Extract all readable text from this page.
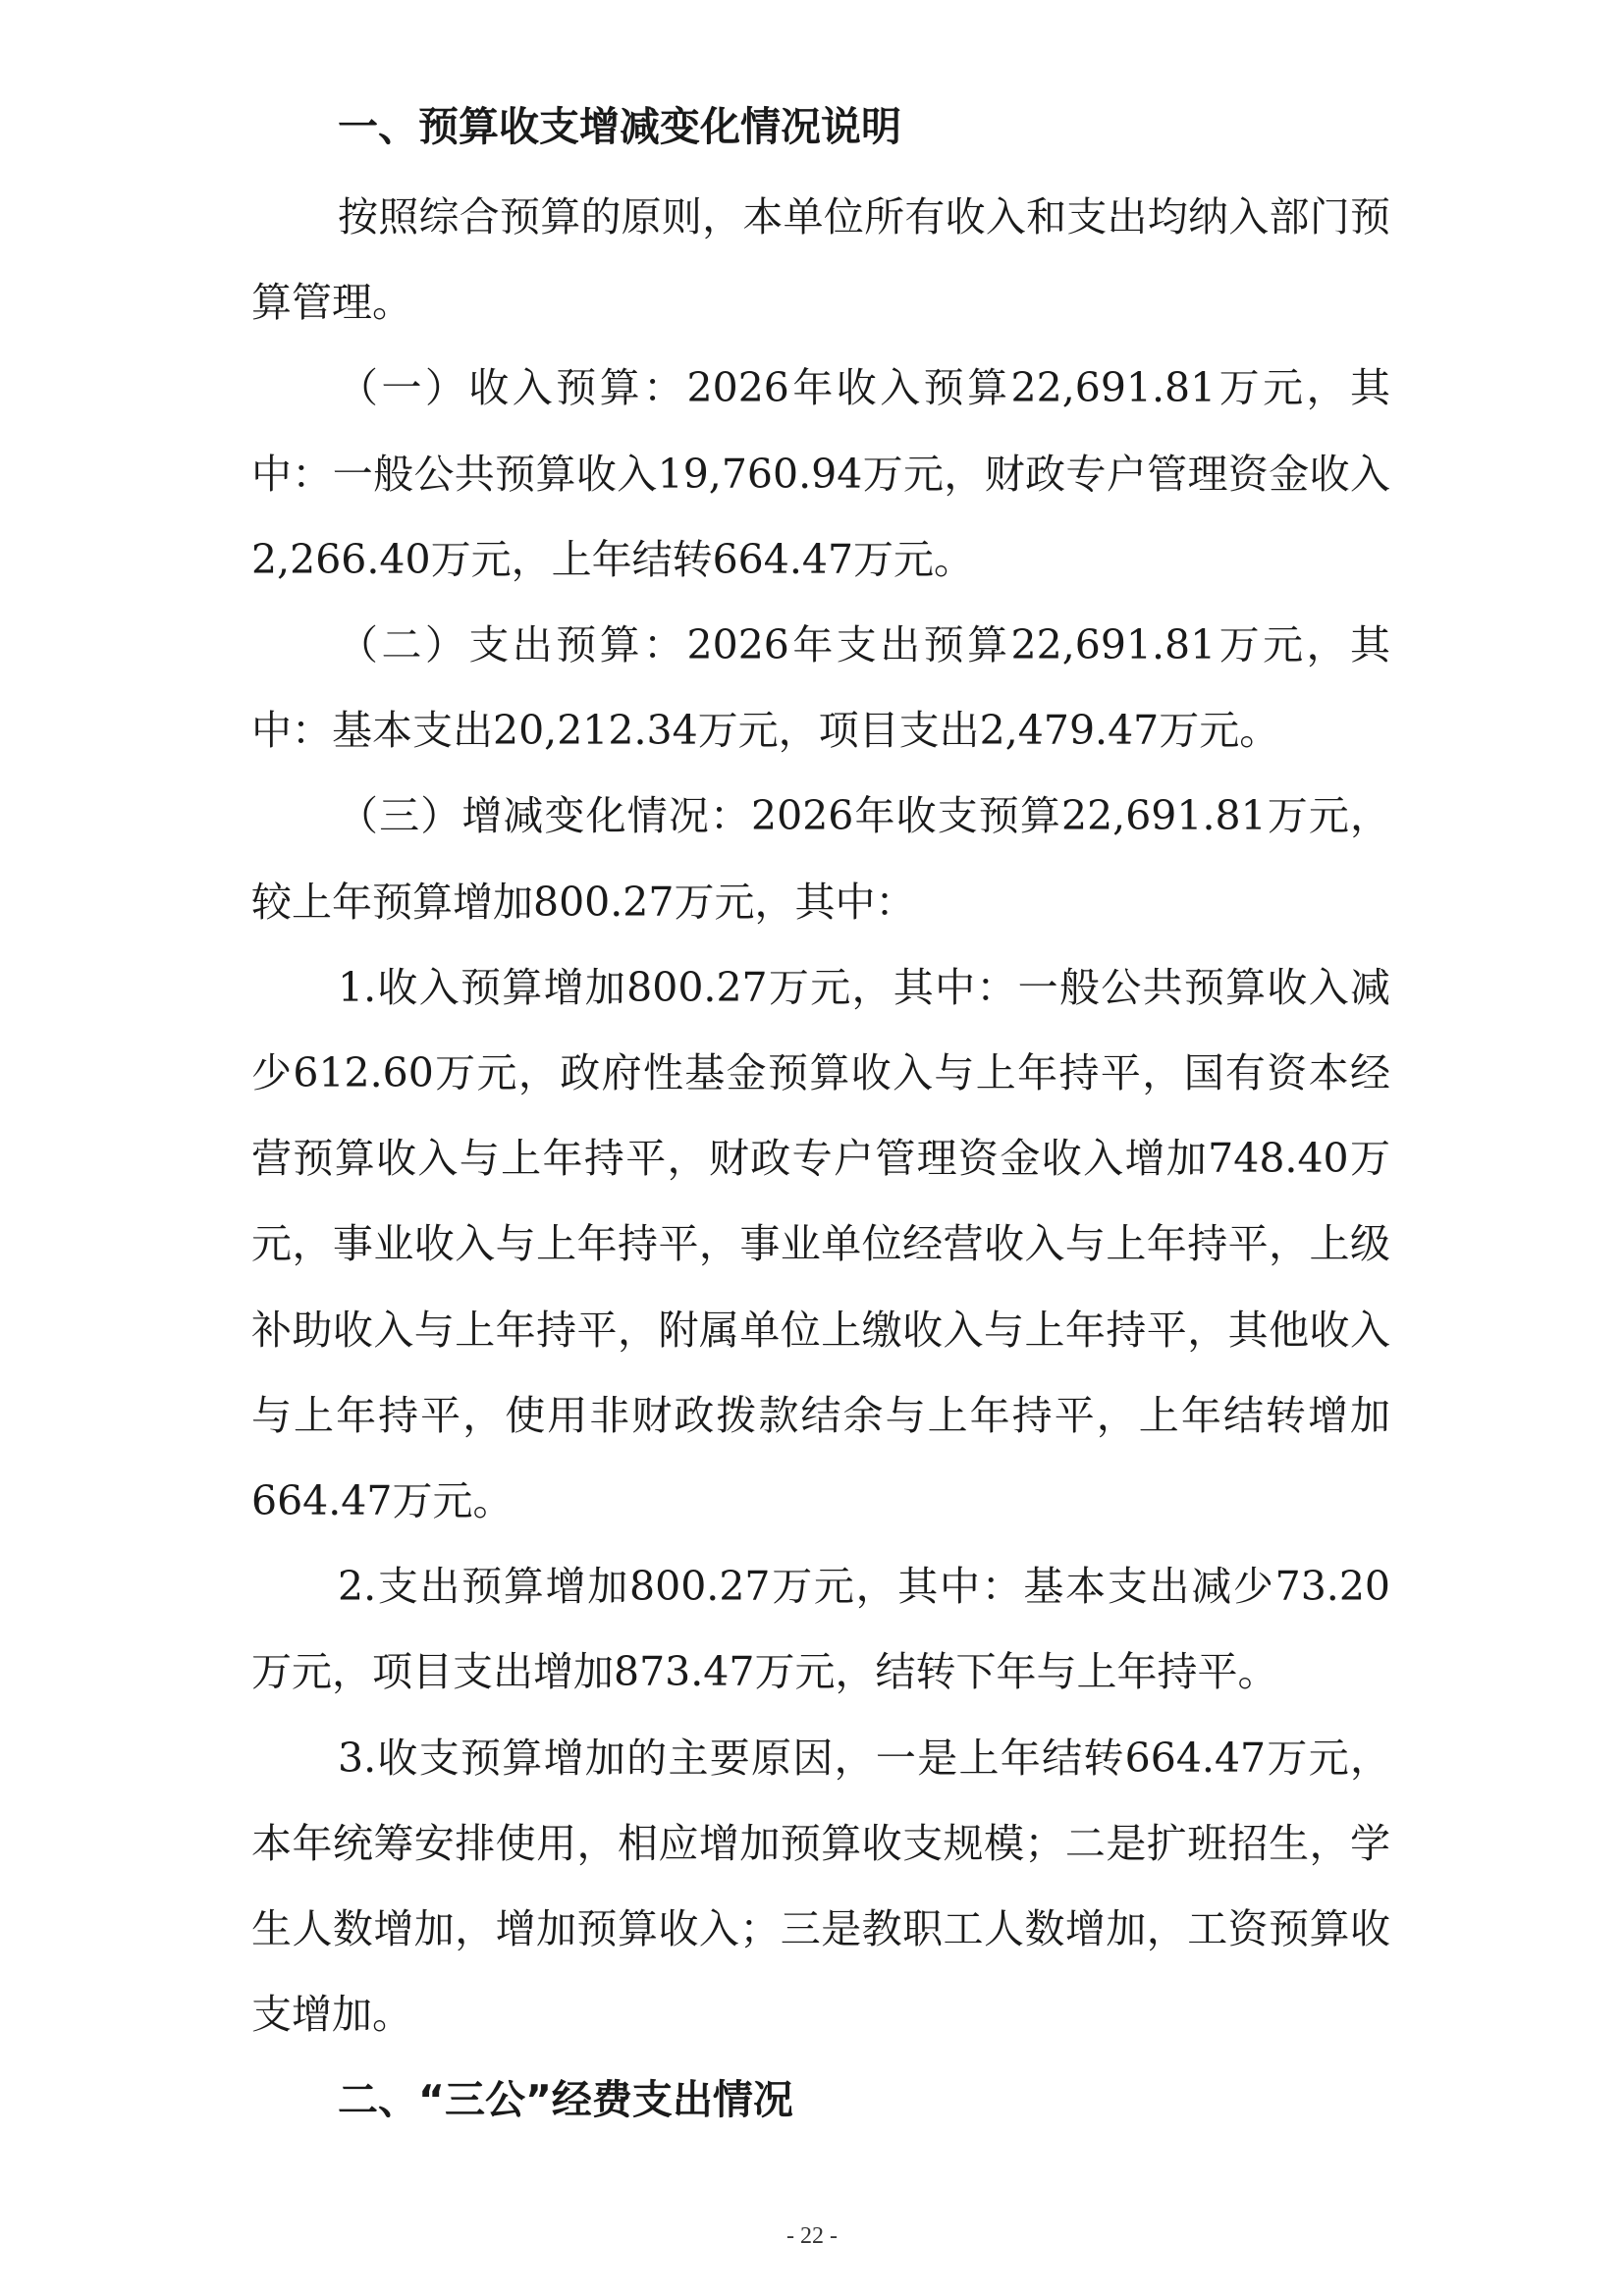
一、预算收支增减变化情况说明

按照综合预算的原则，本单位所有收入和支出均纳入部门预算管理。

（一）收入预算：2026年收入预算22,691.81万元，其中：一般公共预算收入19,760.94万元，财政专户管理资金收入2,266.40万元，上年结转664.47万元。

（二）支出预算：2026年支出预算22,691.81万元，其中：基本支出20,212.34万元，项目支出2,479.47万元。

（三）增减变化情况：2026年收支预算22,691.81万元，较上年预算增加800.27万元，其中：

1.收入预算增加800.27万元，其中：一般公共预算收入减少612.60万元，政府性基金预算收入与上年持平，国有资本经营预算收入与上年持平，财政专户管理资金收入增加748.40万元，事业收入与上年持平，事业单位经营收入与上年持平，上级补助收入与上年持平，附属单位上缴收入与上年持平，其他收入与上年持平，使用非财政拨款结余与上年持平，上年结转增加664.47万元。

2.支出预算增加800.27万元，其中：基本支出减少73.20万元，项目支出增加873.47万元，结转下年与上年持平。

3.收支预算增加的主要原因，一是上年结转664.47万元，本年统筹安排使用，相应增加预算收支规模；二是扩班招生，学生人数增加，增加预算收入；三是教职工人数增加，工资预算收支增加。

二、“三公”经费支出情况
- 22 -
